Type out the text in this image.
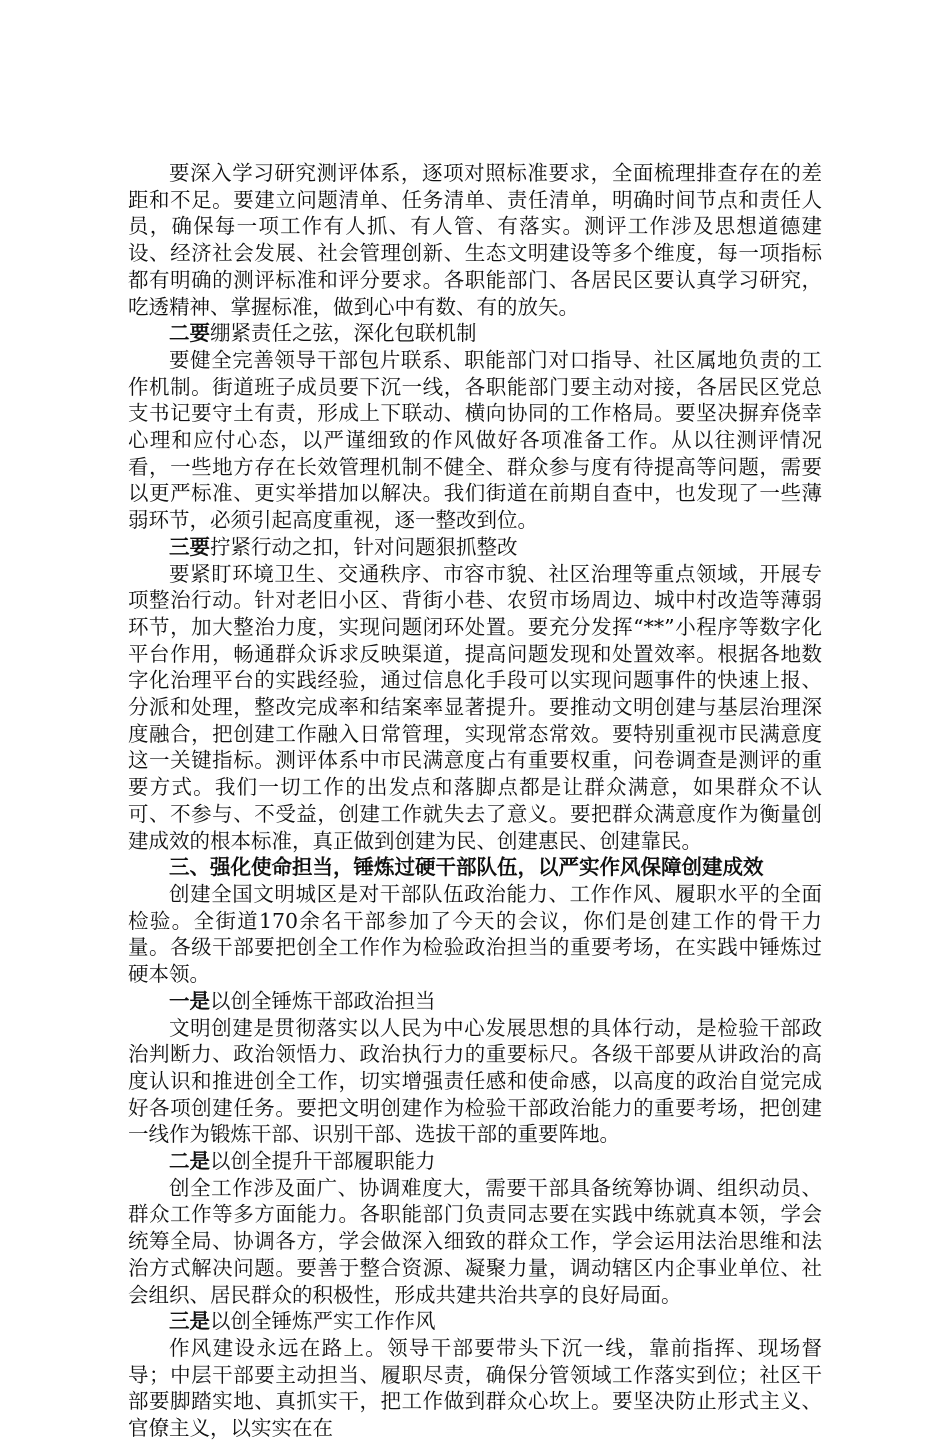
要深入学习研究测评体系，逐项对照标准要求，全面梳理排查存在的差距和不足。要建立问题清单、任务清单、责任清单，明确时间节点和责任人员，确保每一项工作有人抓、有人管、有落实。测评工作涉及思想道德建设、经济社会发展、社会管理创新、生态文明建设等多个维度，每一项指标都有明确的测评标准和评分要求。各职能部门、各居民区要认真学习研究，吃透精神、掌握标准，做到心中有数、有的放矢。

二要绷紧责任之弦，深化包联机制

要健全完善领导干部包片联系、职能部门对口指导、社区属地负责的工作机制。街道班子成员要下沉一线，各职能部门要主动对接，各居民区党总支书记要守土有责，形成上下联动、横向协同的工作格局。要坚决摒弃侥幸心理和应付心态，以严谨细致的作风做好各项准备工作。从以往测评情况看，一些地方存在长效管理机制不健全、群众参与度有待提高等问题，需要以更严标准、更实举措加以解决。我们街道在前期自查中，也发现了一些薄弱环节，必须引起高度重视，逐一整改到位。

三要拧紧行动之扣，针对问题狠抓整改

要紧盯环境卫生、交通秩序、市容市貌、社区治理等重点领域，开展专项整治行动。针对老旧小区、背街小巷、农贸市场周边、城中村改造等薄弱环节，加大整治力度，实现问题闭环处置。要充分发挥“**”小程序等数字化平台作用，畅通群众诉求反映渠道，提高问题发现和处置效率。根据各地数字化治理平台的实践经验，通过信息化手段可以实现问题事件的快速上报、分派和处理，整改完成率和结案率显著提升。要推动文明创建与基层治理深度融合，把创建工作融入日常管理，实现常态常效。要特别重视市民满意度这一关键指标。测评体系中市民满意度占有重要权重，问卷调查是测评的重要方式。我们一切工作的出发点和落脚点都是让群众满意，如果群众不认可、不参与、不受益，创建工作就失去了意义。要把群众满意度作为衡量创建成效的根本标准，真正做到创建为民、创建惠民、创建靠民。

三、强化使命担当，锤炼过硬干部队伍，以严实作风保障创建成效

创建全国文明城区是对干部队伍政治能力、工作作风、履职水平的全面检验。全街道170余名干部参加了今天的会议，你们是创建工作的骨干力量。各级干部要把创全工作作为检验政治担当的重要考场，在实践中锤炼过硬本领。

一是以创全锤炼干部政治担当

文明创建是贯彻落实以人民为中心发展思想的具体行动，是检验干部政治判断力、政治领悟力、政治执行力的重要标尺。各级干部要从讲政治的高度认识和推进创全工作，切实增强责任感和使命感，以高度的政治自觉完成好各项创建任务。要把文明创建作为检验干部政治能力的重要考场，把创建一线作为锻炼干部、识别干部、选拔干部的重要阵地。

二是以创全提升干部履职能力

创全工作涉及面广、协调难度大，需要干部具备统筹协调、组织动员、群众工作等多方面能力。各职能部门负责同志要在实践中练就真本领，学会统筹全局、协调各方，学会做深入细致的群众工作，学会运用法治思维和法治方式解决问题。要善于整合资源、凝聚力量，调动辖区内企事业单位、社会组织、居民群众的积极性，形成共建共治共享的良好局面。

三是以创全锤炼严实工作作风

作风建设永远在路上。领导干部要带头下沉一线，靠前指挥、现场督导；中层干部要主动担当、履职尽责，确保分管领域工作落实到位；社区干部要脚踏实地、真抓实干，把工作做到群众心坎上。要坚决防止形式主义、官僚主义，以实实在在
